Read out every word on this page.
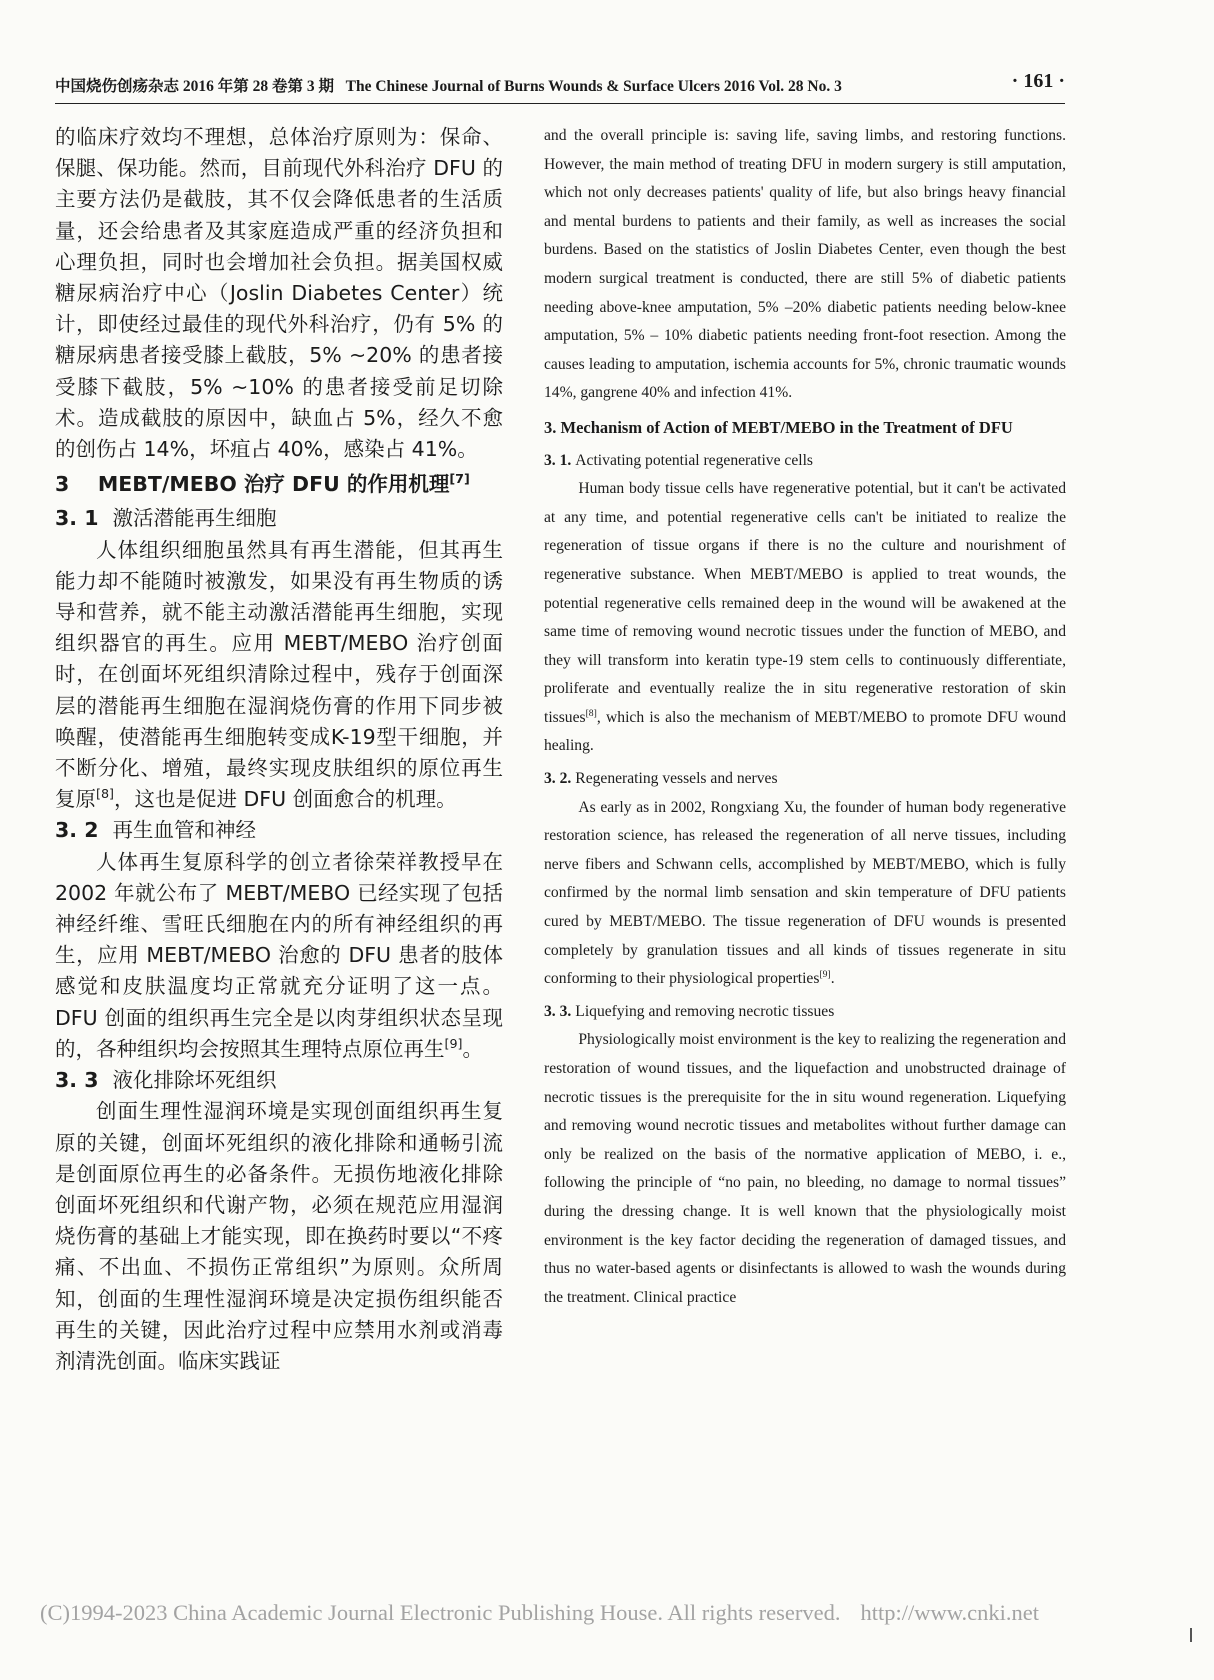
中国烧伤创疡杂志 2016 年第 28 卷第 3 期 The Chinese Journal of Burns Wounds & Surface Ulcers 2016 Vol. 28 No. 3	· 161 ·

的临床疗效均不理想，总体治疗原则为：保命、保腿、保功能。然而，目前现代外科治疗 DFU 的主要方法仍是截肢，其不仅会降低患者的生活质量，还会给患者及其家庭造成严重的经济负担和心理负担，同时也会增加社会负担。据美国权威糖尿病治疗中心（Joslin Diabetes Center）统计，即使经过最佳的现代外科治疗，仍有 5% 的糖尿病患者接受膝上截肢，5% ~20% 的患者接受膝下截肢，5% ~10% 的患者接受前足切除术。造成截肢的原因中，缺血占 5%，经久不愈的创伤占 14%，坏疽占 40%，感染占 41%。

3 MEBT/MEBO 治疗 DFU 的作用机理[7]
3. 1 激活潜能再生细胞

人体组织细胞虽然具有再生潜能，但其再生能力却不能随时被激发，如果没有再生物质的诱导和营养，就不能主动激活潜能再生细胞，实现组织器官的再生。应用 MEBT/MEBO 治疗创面时，在创面坏死组织清除过程中，残存于创面深层的潜能再生细胞在湿润烧伤膏的作用下同步被唤醒，使潜能再生细胞转变成K-19型干细胞，并不断分化、增殖，最终实现皮肤组织的原位再生复原[8]，这也是促进 DFU 创面愈合的机理。

3. 2 再生血管和神经

人体再生复原科学的创立者徐荣祥教授早在 2002 年就公布了 MEBT/MEBO 已经实现了包括神经纤维、雪旺氏细胞在内的所有神经组织的再生，应用 MEBT/MEBO 治愈的 DFU 患者的肢体感觉和皮肤温度均正常就充分证明了这一点。DFU 创面的组织再生完全是以肉芽组织状态呈现的，各种组织均会按照其生理特点原位再生[9]。

3. 3 液化排除坏死组织

创面生理性湿润环境是实现创面组织再生复原的关键，创面坏死组织的液化排除和通畅引流是创面原位再生的必备条件。无损伤地液化排除创面坏死组织和代谢产物，必须在规范应用湿润烧伤膏的基础上才能实现，即在换药时要以“不疼痛、不出血、不损伤正常组织”为原则。众所周知，创面的生理性湿润环境是决定损伤组织能否再生的关键，因此治疗过程中应禁用水剂或消毒剂清洗创面。临床实践证

and the overall principle is: saving life, saving limbs, and restoring functions. However, the main method of treating DFU in modern surgery is still amputation, which not only decreases patients' quality of life, but also brings heavy financial and mental burdens to patients and their family, as well as increases the social burdens. Based on the statistics of Joslin Diabetes Center, even though the best modern surgical treatment is conducted, there are still 5% of diabetic patients needing above-knee amputation, 5% –20% diabetic patients needing below-knee amputation, 5% – 10% diabetic patients needing front-foot resection. Among the causes leading to amputation, ischemia accounts for 5%, chronic traumatic wounds 14%, gangrene 40% and infection 41%.

3. Mechanism of Action of MEBT/MEBO in the Treatment of DFU

3. 1. Activating potential regenerative cells

Human body tissue cells have regenerative potential, but it can't be activated at any time, and potential regenerative cells can't be initiated to realize the regeneration of tissue organs if there is no the culture and nourishment of regenerative substance. When MEBT/MEBO is applied to treat wounds, the potential regenerative cells remained deep in the wound will be awakened at the same time of removing wound necrotic tissues under the function of MEBO, and they will transform into keratin type-19 stem cells to continuously differentiate, proliferate and eventually realize the in situ regenerative restoration of skin tissues[8], which is also the mechanism of MEBT/MEBO to promote DFU wound healing.

3. 2. Regenerating vessels and nerves

As early as in 2002, Rongxiang Xu, the founder of human body regenerative restoration science, has released the regeneration of all nerve tissues, including nerve fibers and Schwann cells, accomplished by MEBT/MEBO, which is fully confirmed by the normal limb sensation and skin temperature of DFU patients cured by MEBT/MEBO. The tissue regeneration of DFU wounds is presented completely by granulation tissues and all kinds of tissues regenerate in situ conforming to their physiological properties[9].

3. 3. Liquefying and removing necrotic tissues

Physiologically moist environment is the key to realizing the regeneration and restoration of wound tissues, and the liquefaction and unobstructed drainage of necrotic tissues is the prerequisite for the in situ wound regeneration. Liquefying and removing wound necrotic tissues and metabolites without further damage can only be realized on the basis of the normative application of MEBO, i. e., following the principle of “no pain, no bleeding, no damage to normal tissues” during the dressing change. It is well known that the physiologically moist environment is the key factor deciding the regeneration of damaged tissues, and thus no water-based agents or disinfectants is allowed to wash the wounds during the treatment. Clinical practice

(C)1994-2023 China Academic Journal Electronic Publishing House. All rights reserved. http://www.cnki.net
